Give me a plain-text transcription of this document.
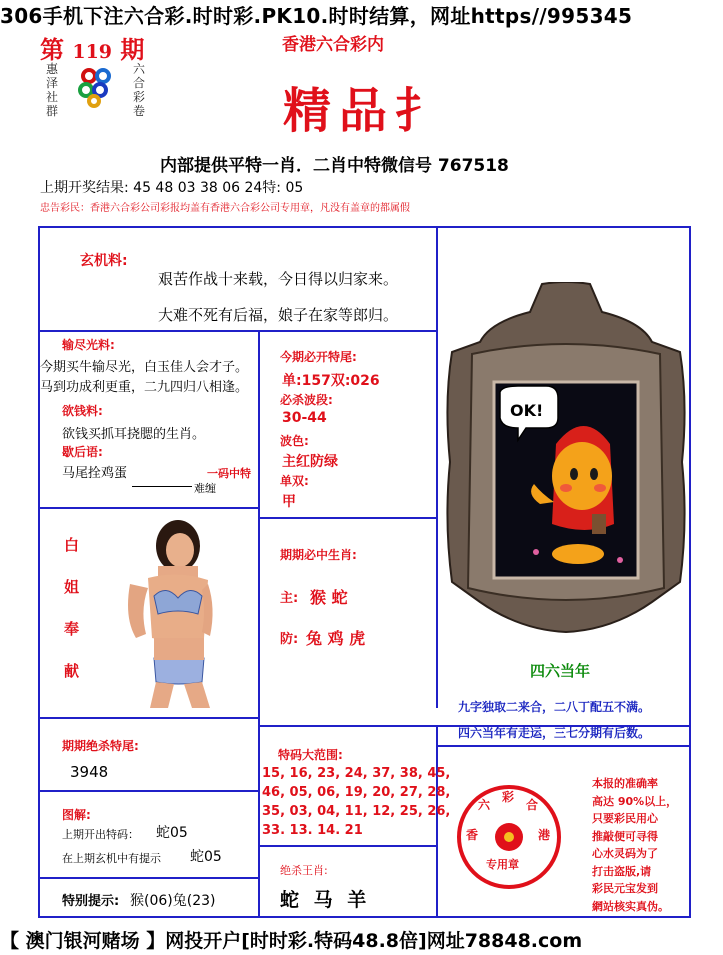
306手机下注六合彩.时时彩.PK10.时时结算，网址https//995345
第 119 期
惠
泽
社
群
六
合
彩
卷
香港六合彩内
精品扌
内部提供平特一肖．二肖中特微信号 767518
上期开奖结果: 45 48 03 38 06 24特: 05
忠告彩民：香港六合彩公司彩报均盖有香港六合彩公司专用章，凡没有盖章的都属假
玄机料:
艰苦作战十来载，今日得以归家来。
大难不死有后福，娘子在家等郎归。
输尽光料:
今期买牛输尽光，白玉佳人会才子。
马到功成利更重，二九四归八相逢。
欲钱料:
欲钱买抓耳挠腮的生肖。
歇后语:
马尾拴鸡蛋	一码中特
难缠
今期必开特尾:
单:157双:026
必杀波段:
30-44
波色:
主红防绿
单双:
甲
白
姐
奉
献
期期必中生肖:
主: 猴 蛇
防: 兔 鸡 虎
OK!
四六当年
九字独取二来合，二八丁配五不满。
四六当年有走运，三七分期有后数。
期期绝杀特尾:
3948
特码大范围:
15, 16, 23, 24, 37, 38, 45,
46, 05, 06, 19, 20, 27, 28,
35, 03, 04, 11, 12, 25, 26,
33. 13. 14. 21
图解:
上期开出特码： 蛇05
在上期玄机中有提示 蛇05
特别提示: 猴(06)兔(23)
绝杀王肖:
蛇 马 羊
六
彩
合
香	港
专用章
本报的准确率
高达 90%以上，
只要彩民用心
推敲便可寻得
心水灵码为了
打击盗版,请
彩民元宝发到
網站核实真伪。
【 澳门银河赌场 】网投开户[时时彩.特码48.8倍]网址78848.com
